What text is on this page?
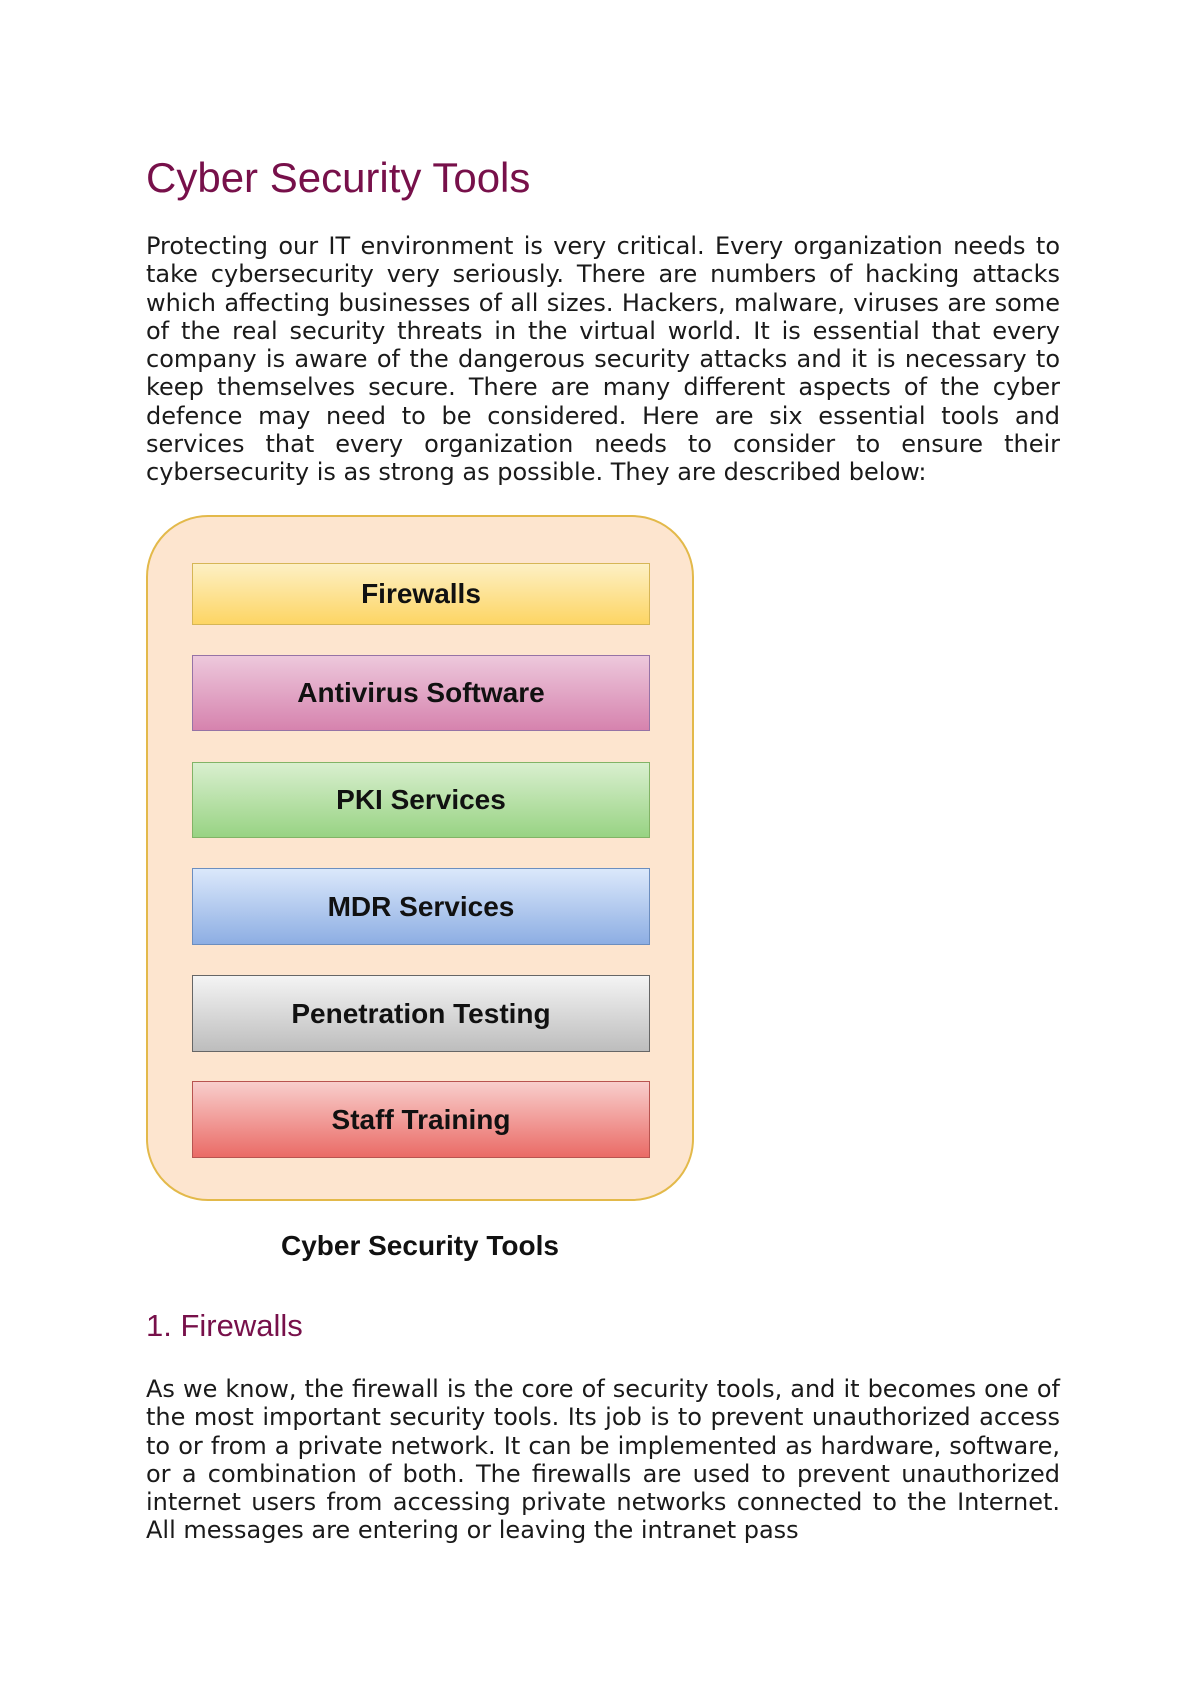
Cyber Security Tools

Protecting our IT environment is very critical. Every organization needs to take cybersecurity very seriously. There are numbers of hacking attacks which affecting businesses of all sizes. Hackers, malware, viruses are some of the real security threats in the virtual world. It is essential that every company is aware of the dangerous security attacks and it is necessary to keep themselves secure. There are many different aspects of the cyber defence may need to be considered. Here are six essential tools and services that every organization needs to consider to ensure their cybersecurity is as strong as possible. They are described below:

Firewalls
Antivirus Software
PKI Services
MDR Services
Penetration Testing
Staff Training

Cyber Security Tools

1. Firewalls

As we know, the firewall is the core of security tools, and it becomes one of the most important security tools. Its job is to prevent unauthorized access to or from a private network. It can be implemented as hardware, software, or a combination of both. The firewalls are used to prevent unauthorized internet users from accessing private networks connected to the Internet. All messages are entering or leaving the intranet pass
